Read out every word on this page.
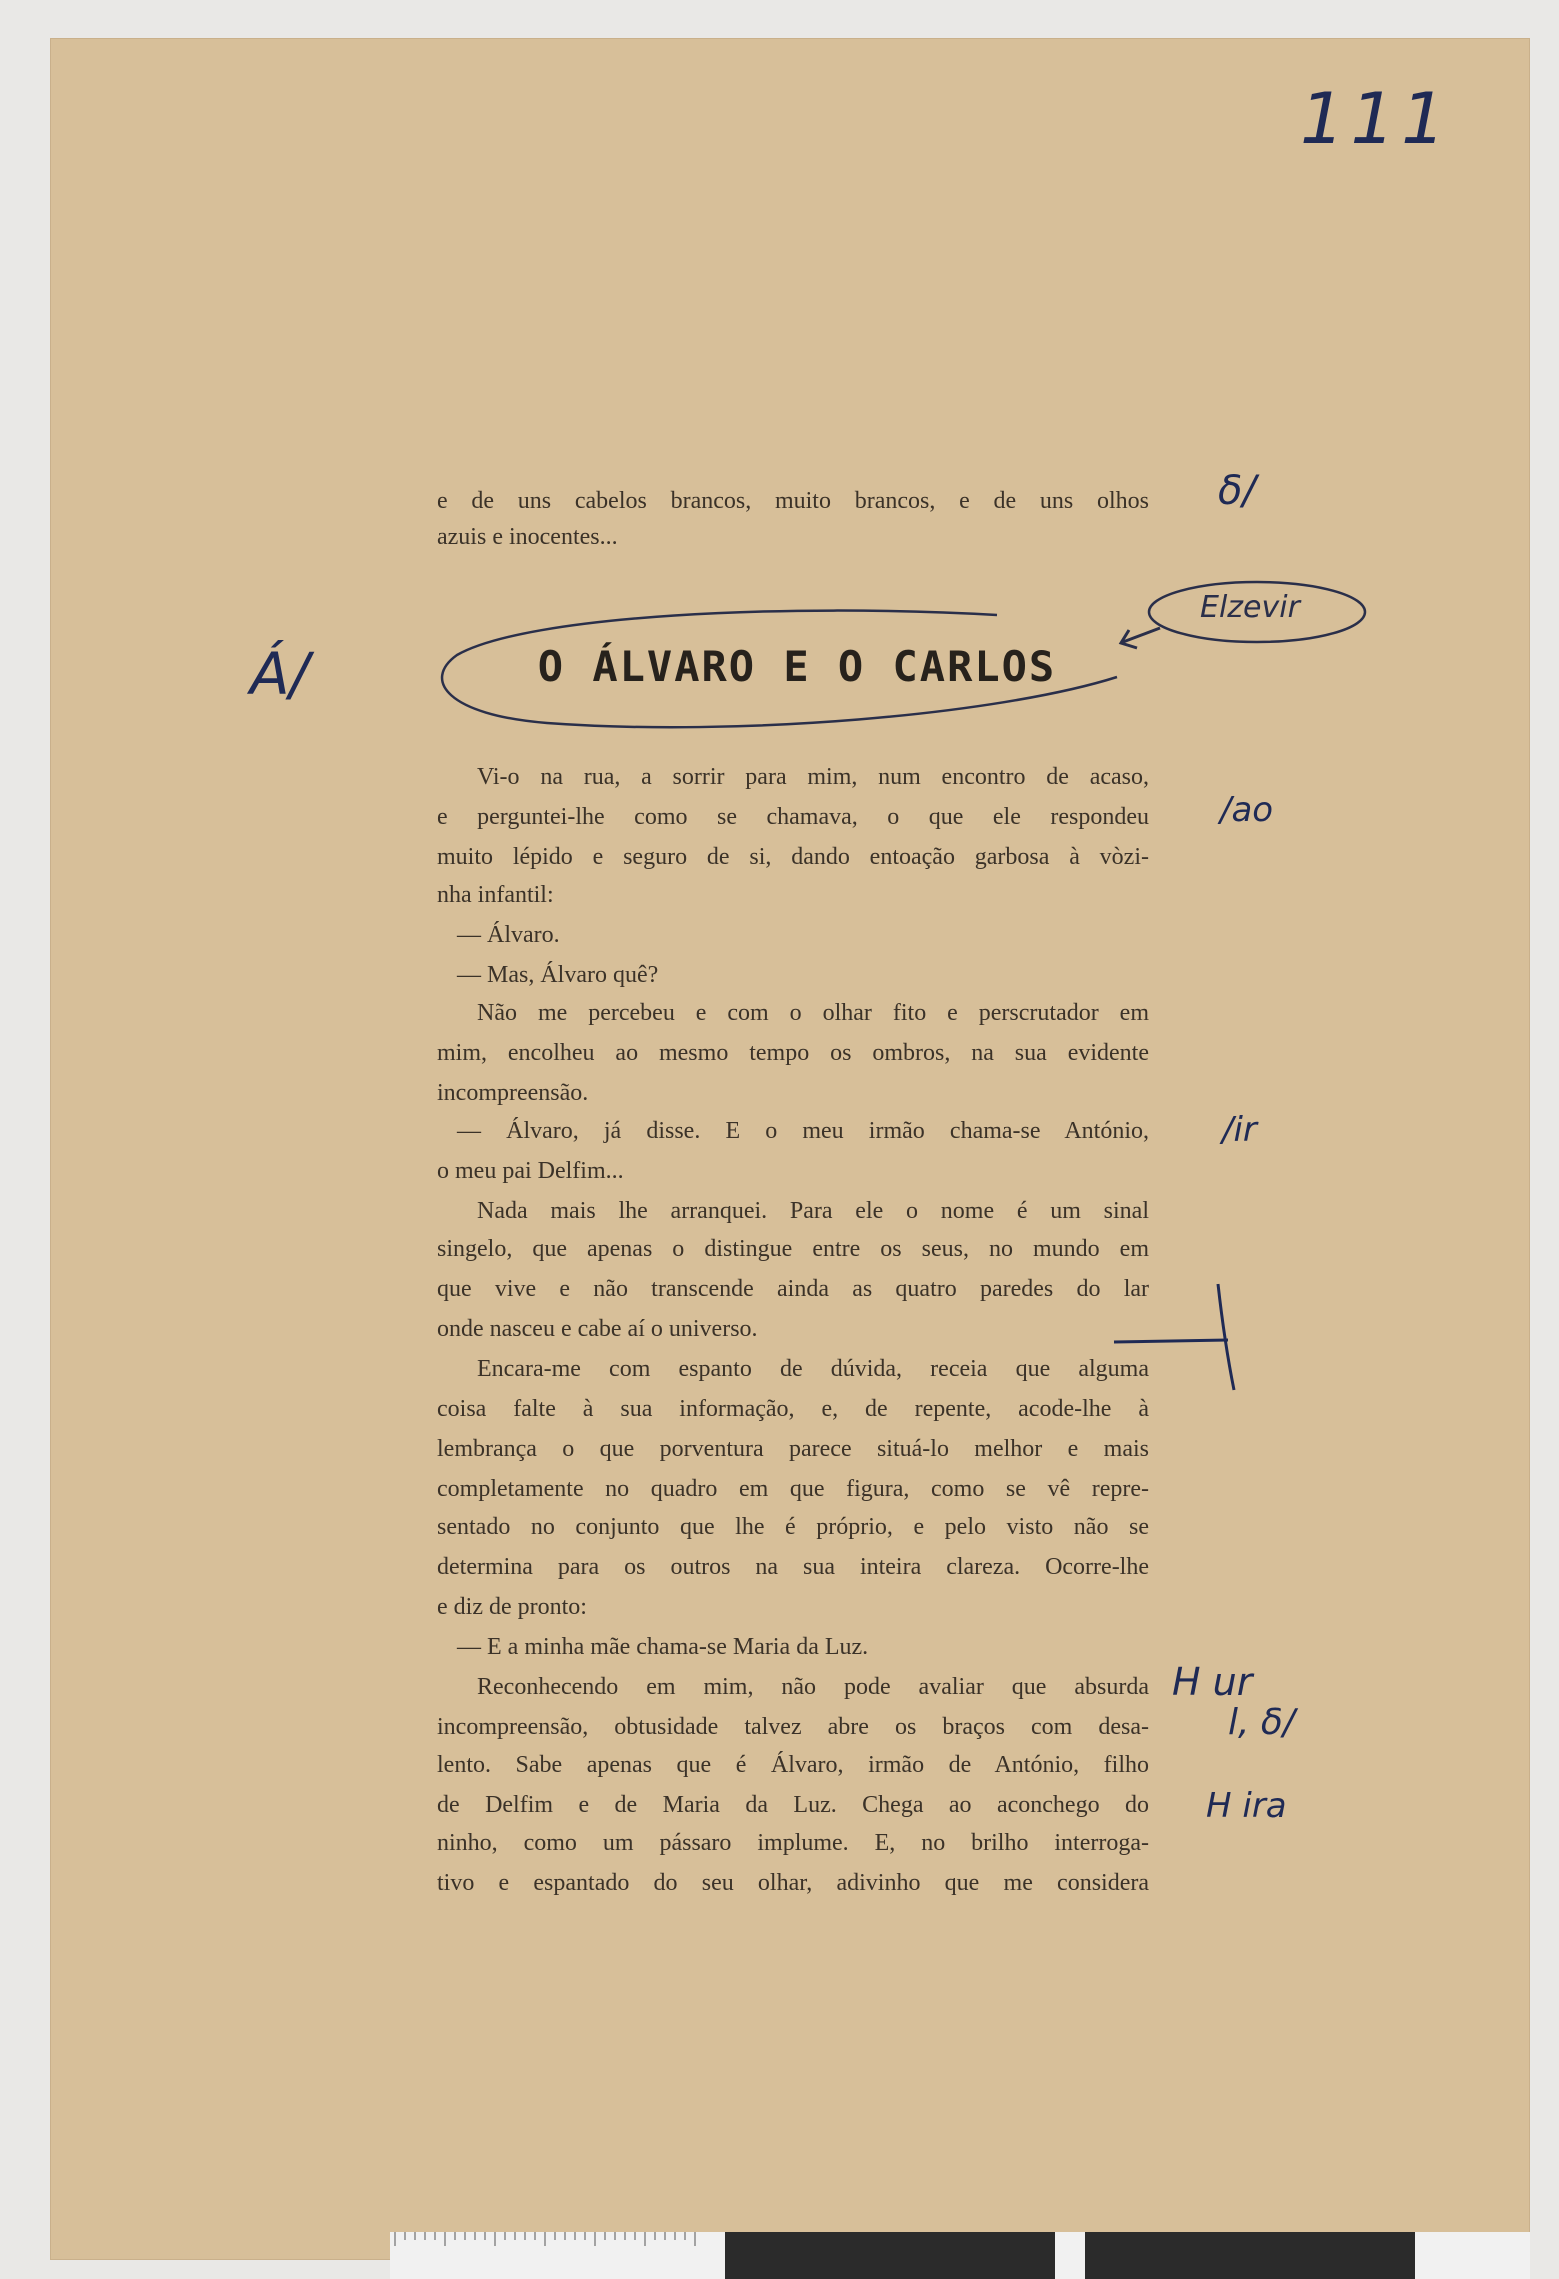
111
e de uns cabelos brancos, muito brancos, e de uns olhos
azuis e inocentes...
δ/
Á/	O ÁLVARO E O CARLOS
Elzevir
Vi-o na rua, a sorrir para mim, num encontro de acaso,
e perguntei-lhe como se chamava, o que ele respondeu
muito lépido e seguro de si, dando entoação garbosa à vòzi-
nha infantil:
— Álvaro.
— Mas, Álvaro quê?
Não me percebeu e com o olhar fito e perscrutador em
mim, encolheu ao mesmo tempo os ombros, na sua evidente
incompreensão.
— Álvaro, já disse. E o meu irmão chama-se António,
o meu pai Delfim...
Nada mais lhe arranquei. Para ele o nome é um sinal
singelo, que apenas o distingue entre os seus, no mundo em
que vive e não transcende ainda as quatro paredes do lar
onde nasceu e cabe aí o universo.
Encara-me com espanto de dúvida, receia que alguma
coisa falte à sua informação, e, de repente, acode-lhe à
lembrança o que porventura parece situá-lo melhor e mais
completamente no quadro em que figura, como se vê repre-
sentado no conjunto que lhe é próprio, e pelo visto não se
determina para os outros na sua inteira clareza. Ocorre-lhe
e diz de pronto:
— E a minha mãe chama-se Maria da Luz.
Reconhecendo em mim, não pode avaliar que absurda
incompreensão, obtusidade talvez abre os braços com desa-
lento. Sabe apenas que é Álvaro, irmão de António, filho
de Delfim e de Maria da Luz. Chega ao aconchego do
ninho, como um pássaro implume. E, no brilho interroga-
tivo e espantado do seu olhar, adivinho que me considera
/ao
/ir
H ur
l, δ/
H ira
